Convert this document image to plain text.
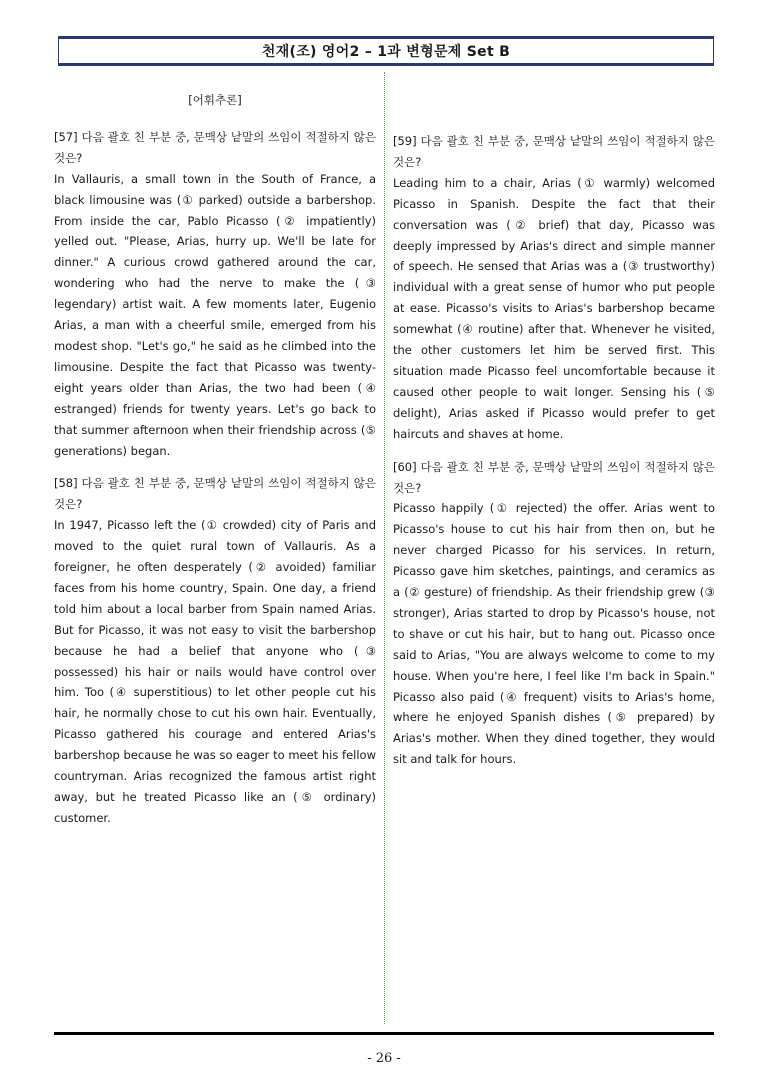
천재(조) 영어2 – 1과 변형문제 Set B
[어휘추론]
[57] 다음 괄호 친 부분 중, 문맥상 낱말의 쓰임이 적절하지 않은 것은?
In Vallauris, a small town in the South of France, a black limousine was (① parked) outside a barbershop. From inside the car, Pablo Picasso (② impatiently) yelled out. "Please, Arias, hurry up. We'll be late for dinner." A curious crowd gathered around the car, wondering who had the nerve to make the (③ legendary) artist wait. A few moments later, Eugenio Arias, a man with a cheerful smile, emerged from his modest shop. "Let's go," he said as he climbed into the limousine. Despite the fact that Picasso was twenty-eight years older than Arias, the two had been (④ estranged) friends for twenty years. Let's go back to that summer afternoon when their friendship across (⑤ generations) began.
[58] 다음 괄호 친 부분 중, 문맥상 낱말의 쓰임이 적절하지 않은 것은?
In 1947, Picasso left the (① crowded) city of Paris and moved to the quiet rural town of Vallauris. As a foreigner, he often desperately (② avoided) familiar faces from his home country, Spain. One day, a friend told him about a local barber from Spain named Arias. But for Picasso, it was not easy to visit the barbershop because he had a belief that anyone who (③ possessed) his hair or nails would have control over him. Too (④ superstitious) to let other people cut his hair, he normally chose to cut his own hair. Eventually, Picasso gathered his courage and entered Arias's barbershop because he was so eager to meet his fellow countryman. Arias recognized the famous artist right away, but he treated Picasso like an (⑤ ordinary) customer.
[59] 다음 괄호 친 부분 중, 문맥상 낱말의 쓰임이 적절하지 않은 것은?
Leading him to a chair, Arias (① warmly) welcomed Picasso in Spanish. Despite the fact that their conversation was (② brief) that day, Picasso was deeply impressed by Arias's direct and simple manner of speech. He sensed that Arias was a (③ trustworthy) individual with a great sense of humor who put people at ease. Picasso's visits to Arias's barbershop became somewhat (④ routine) after that. Whenever he visited, the other customers let him be served first. This situation made Picasso feel uncomfortable because it caused other people to wait longer. Sensing his (⑤ delight), Arias asked if Picasso would prefer to get haircuts and shaves at home.
[60] 다음 괄호 친 부분 중, 문맥상 낱말의 쓰임이 적절하지 않은 것은?
Picasso happily (① rejected) the offer. Arias went to Picasso's house to cut his hair from then on, but he never charged Picasso for his services. In return, Picasso gave him sketches, paintings, and ceramics as a (② gesture) of friendship. As their friendship grew (③ stronger), Arias started to drop by Picasso's house, not to shave or cut his hair, but to hang out. Picasso once said to Arias, "You are always welcome to come to my house. When you're here, I feel like I'm back in Spain." Picasso also paid (④ frequent) visits to Arias's home, where he enjoyed Spanish dishes (⑤ prepared) by Arias's mother. When they dined together, they would sit and talk for hours.
- 26 -
